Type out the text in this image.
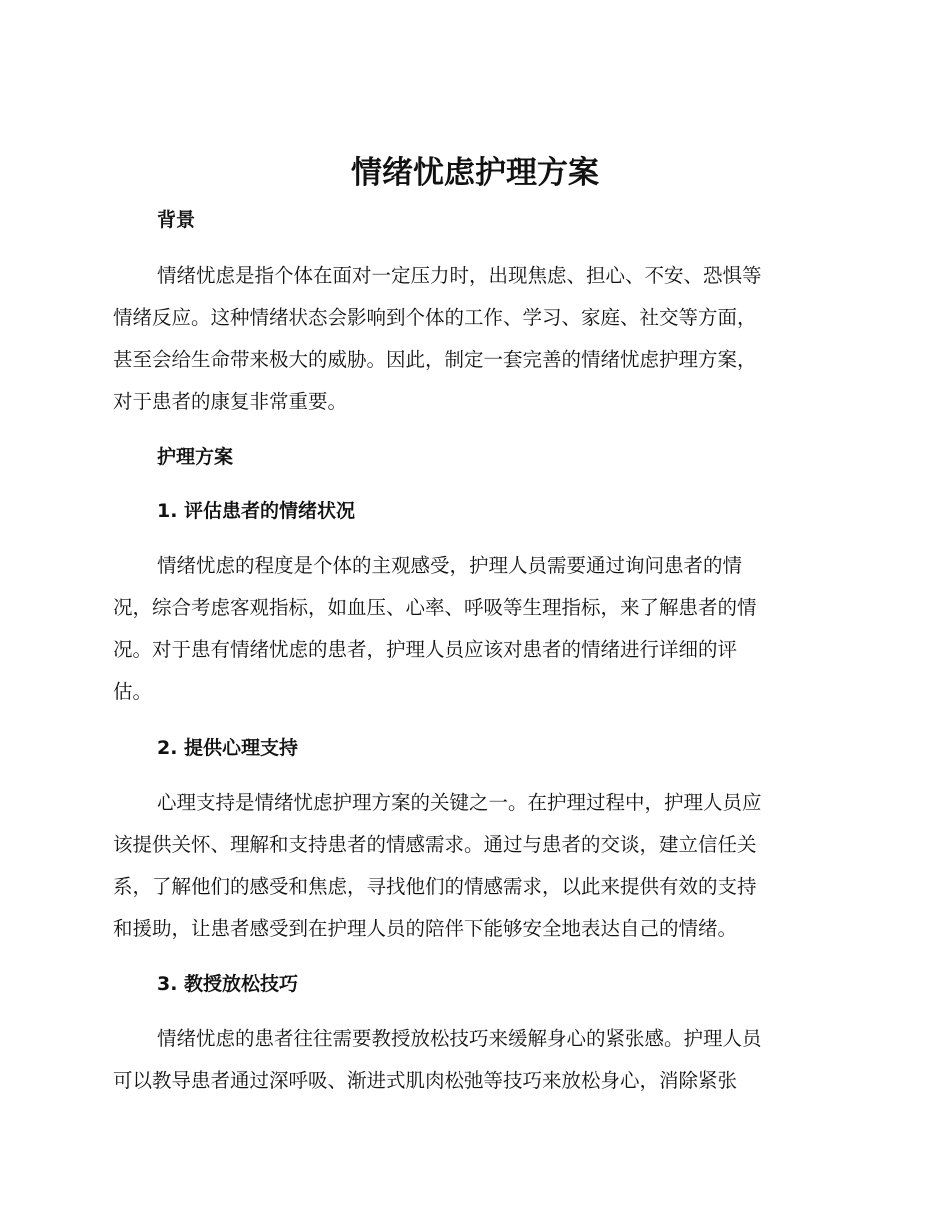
情绪忧虑护理方案
背景

情绪忧虑是指个体在面对一定压力时，出现焦虑、担心、不安、恐惧等
情绪反应。这种情绪状态会影响到个体的工作、学习、家庭、社交等方面，
甚至会给生命带来极大的威胁。因此，制定一套完善的情绪忧虑护理方案，
对于患者的康复非常重要。

护理方案
1. 评估患者的情绪状况

情绪忧虑的程度是个体的主观感受，护理人员需要通过询问患者的情
况，综合考虑客观指标，如血压、心率、呼吸等生理指标，来了解患者的情
况。对于患有情绪忧虑的患者，护理人员应该对患者的情绪进行详细的评
估。

2. 提供心理支持

心理支持是情绪忧虑护理方案的关键之一。在护理过程中，护理人员应
该提供关怀、理解和支持患者的情感需求。通过与患者的交谈，建立信任关
系，了解他们的感受和焦虑，寻找他们的情感需求，以此来提供有效的支持
和援助，让患者感受到在护理人员的陪伴下能够安全地表达自己的情绪。

3. 教授放松技巧

情绪忧虑的患者往往需要教授放松技巧来缓解身心的紧张感。护理人员
可以教导患者通过深呼吸、渐进式肌肉松弛等技巧来放松身心，消除紧张
